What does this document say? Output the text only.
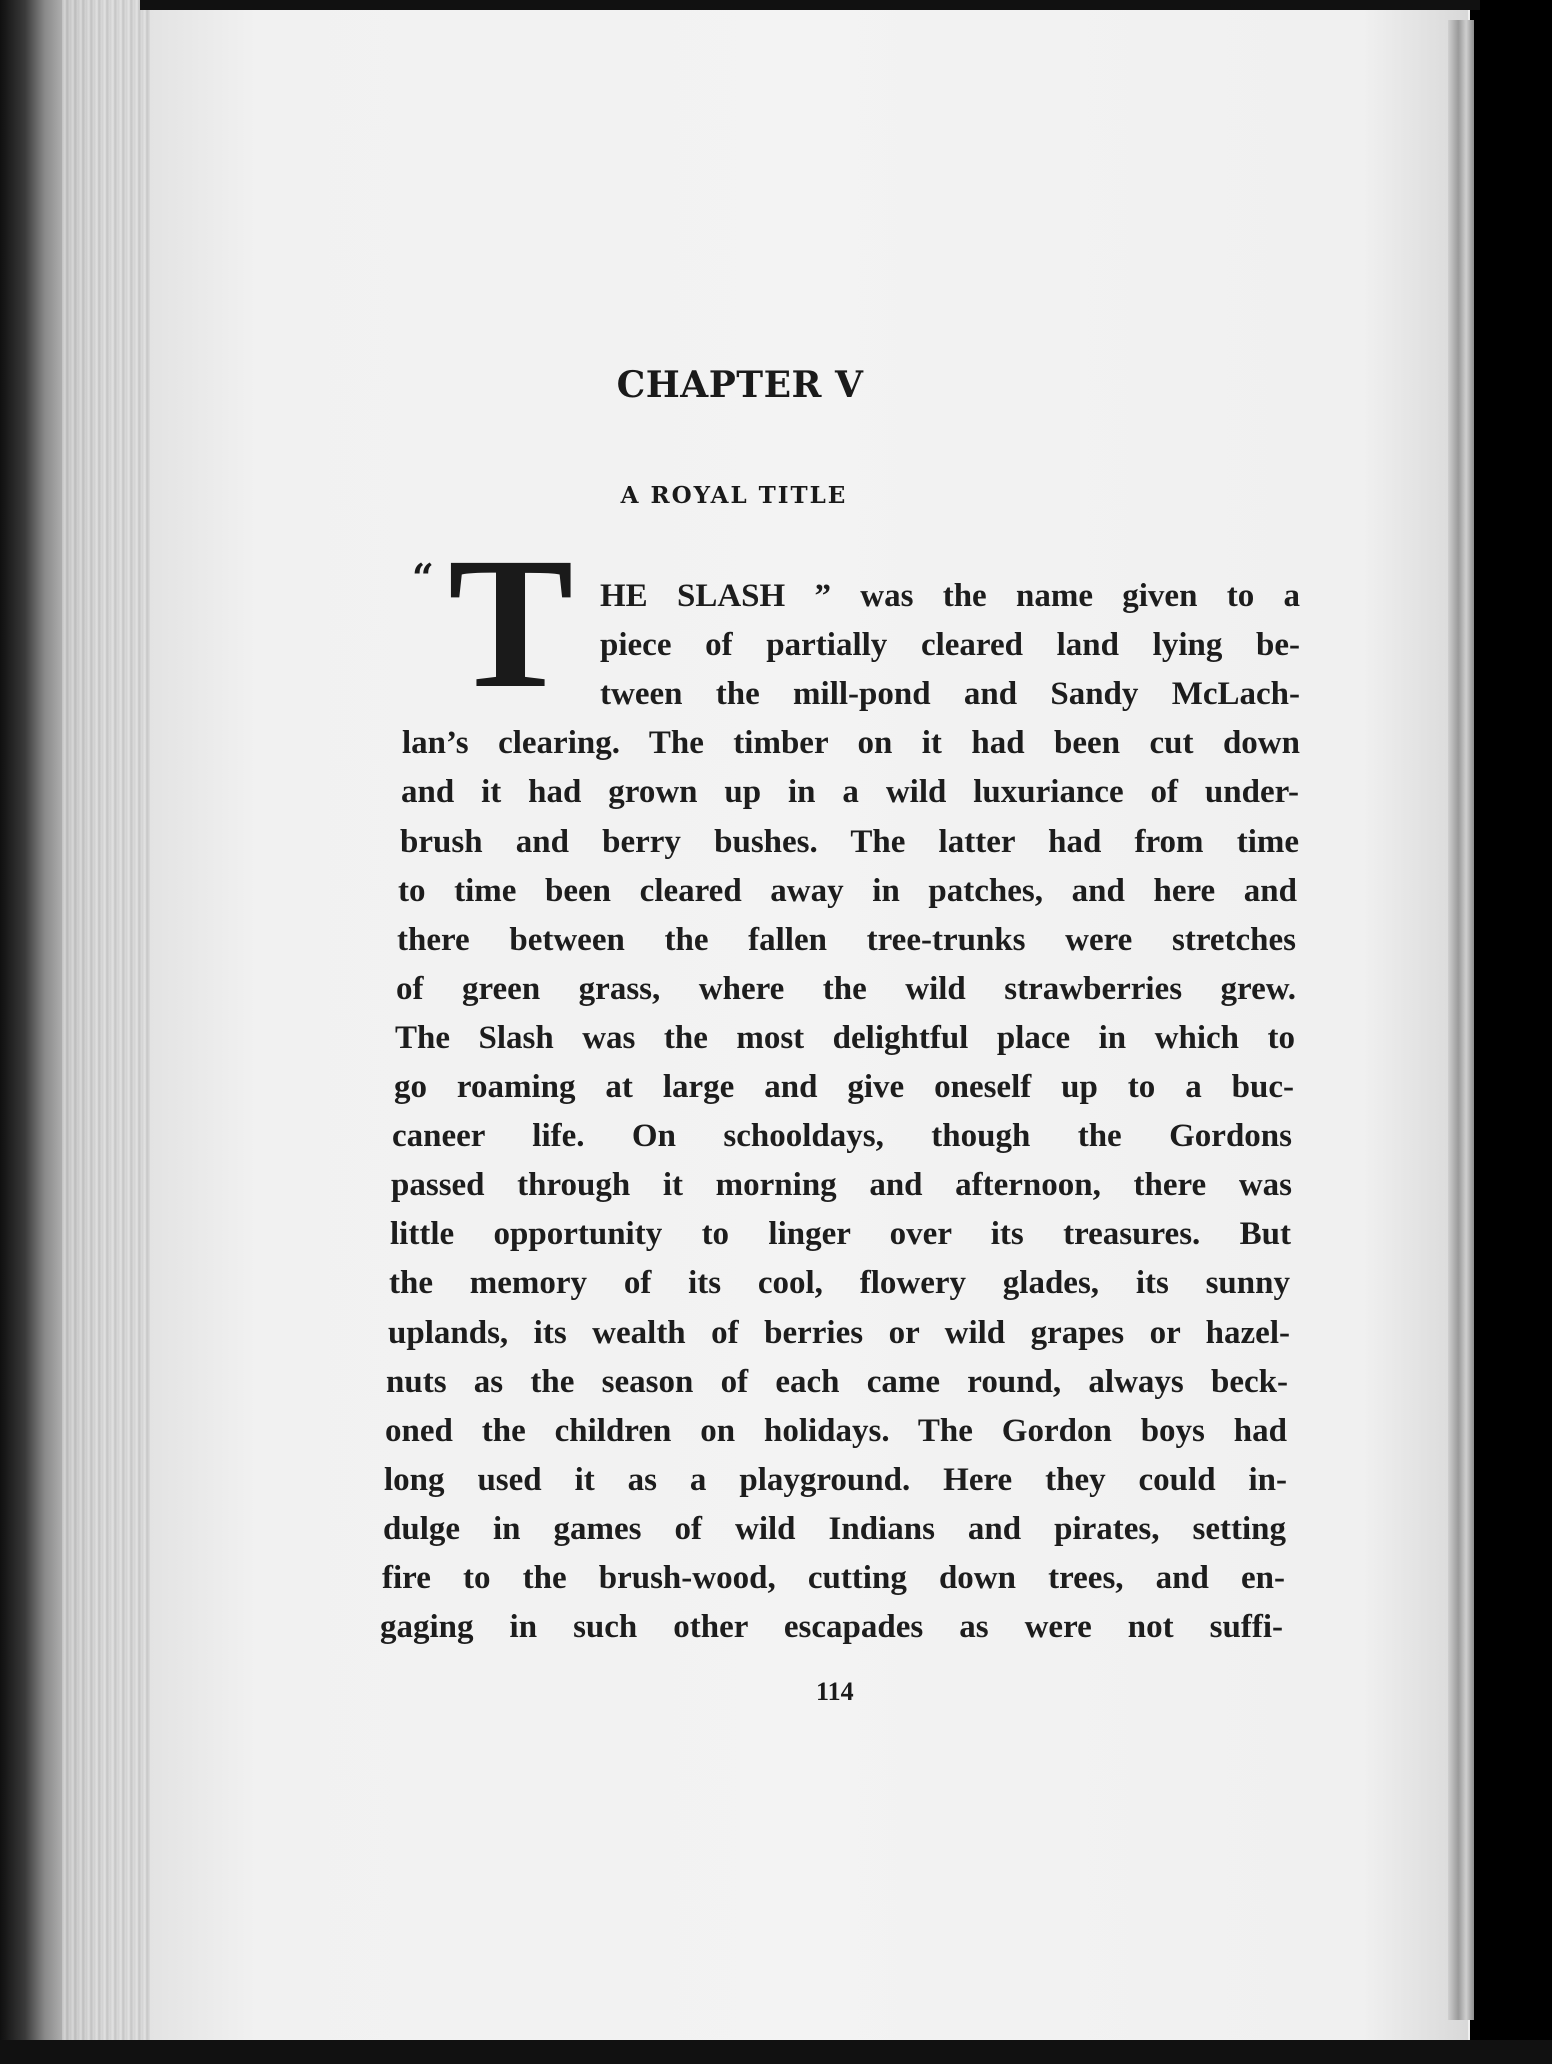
CHAPTER V
A ROYAL TITLE
“ T HE SLASH ” was the name given to a
piece of partially cleared land lying be-
tween the mill-pond and Sandy McLach-
lan’s clearing. The timber on it had been cut down
and it had grown up in a wild luxuriance of under-
brush and berry bushes. The latter had from time
to time been cleared away in patches, and here and
there between the fallen tree-trunks were stretches
of green grass, where the wild strawberries grew.
The Slash was the most delightful place in which to
go roaming at large and give oneself up to a buc-
caneer life. On schooldays, though the Gordons
passed through it morning and afternoon, there was
little opportunity to linger over its treasures. But
the memory of its cool, flowery glades, its sunny
uplands, its wealth of berries or wild grapes or hazel-
nuts as the season of each came round, always beck-
oned the children on holidays. The Gordon boys had
long used it as a playground. Here they could in-
dulge in games of wild Indians and pirates, setting
fire to the brush-wood, cutting down trees, and en-
gaging in such other escapades as were not suffi-
114
